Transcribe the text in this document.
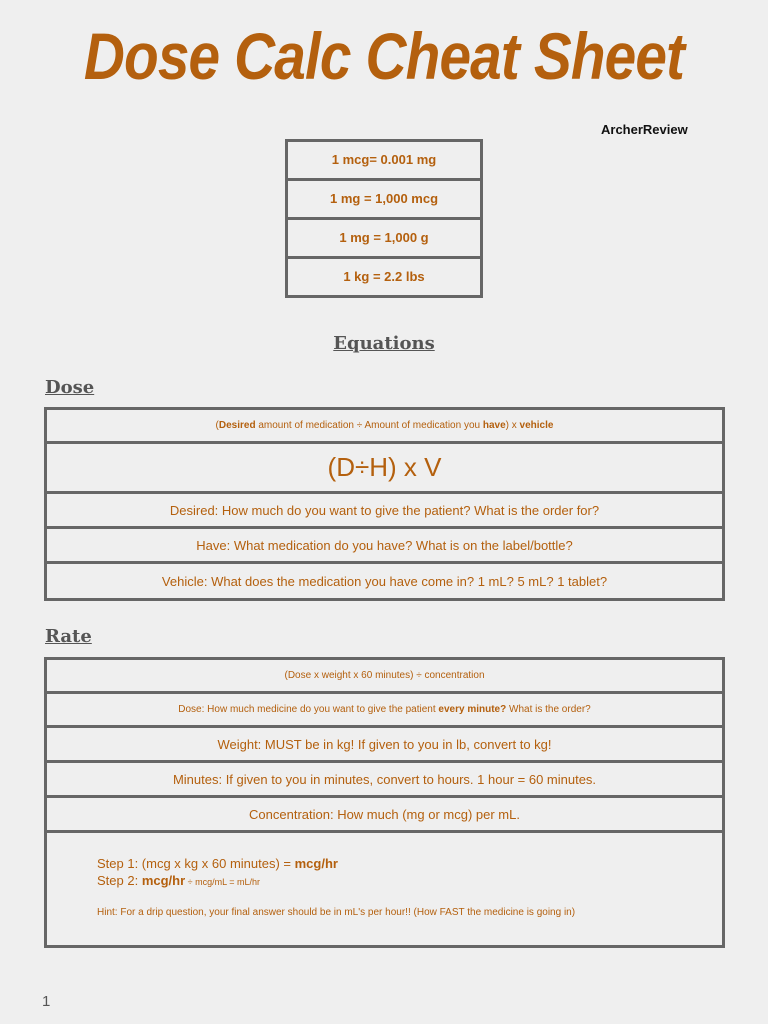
Dose Calc Cheat Sheet
ArcherReview
1 mcg= 0.001 mg
1 mg = 1,000 mcg
1 mg = 1,000 g
1 kg = 2.2 lbs
Equations
Dose
(Desired amount of medication ÷ Amount of medication you have) x vehicle
(D÷H) x V
Desired: How much do you want to give the patient? What is the order for?
Have: What medication do you have? What is on the label/bottle?
Vehicle: What does the medication you have come in? 1 mL? 5 mL? 1 tablet?
Rate
(Dose x weight x 60 minutes) ÷ concentration
Dose: How much medicine do you want to give the patient every minute? What is the order?
Weight: MUST be in kg! If given to you in lb, convert to kg!
Minutes: If given to you in minutes, convert to hours. 1 hour = 60 minutes.
Concentration: How much (mg or mcg) per mL.
Step 1: (mcg x kg x 60 minutes) = mcg/hr
Step 2: mcg/hr ÷ mcg/mL = mL/hr
Hint: For a drip question, your final answer should be in mL's per hour!! (How FAST the medicine is going in)
1
